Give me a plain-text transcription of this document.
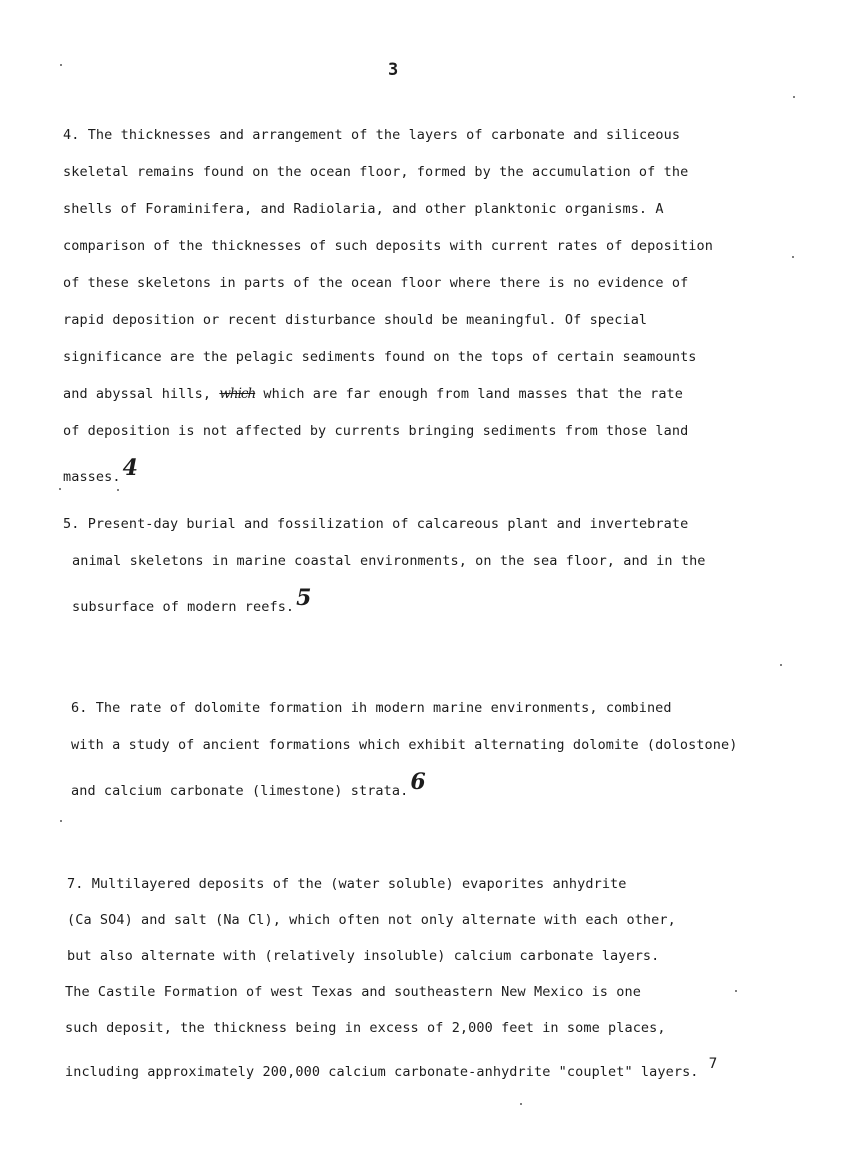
3
4. The thicknesses and arrangement of the layers of carbonate and siliceous
skeletal remains found on the ocean floor, formed by the accumulation of the
shells of Foraminifera, and Radiolaria, and other planktonic organisms. A
comparison of the thicknesses of such deposits with current rates of deposition
of these skeletons in parts of the ocean floor where there is no evidence of
rapid deposition or recent disturbance should be meaningful. Of special
significance are the pelagic sediments found on the tops of certain seamounts
and abyssal hills, which which are far enough from land masses that the rate
of deposition is not affected by currents bringing sediments from those land
masses.4
5. Present-day burial and fossilization of calcareous plant and invertebrate
animal skeletons in marine coastal environments, on the sea floor, and in the
subsurface of modern reefs.5
6. The rate of dolomite formation ih modern marine environments, combined
with a study of ancient formations which exhibit alternating dolomite (dolostone)
and calcium carbonate (limestone) strata.6
7. Multilayered deposits of the (water soluble) evaporites anhydrite
(Ca SO4) and salt (Na Cl), which often not only alternate with each other,
but also alternate with (relatively insoluble) calcium carbonate layers.
The Castile Formation of west Texas and southeastern New Mexico is one
such deposit, the thickness being in excess of 2,000 feet in some places,
including approximately 200,000 calcium carbonate-anhydrite "couplet" layers. 7
